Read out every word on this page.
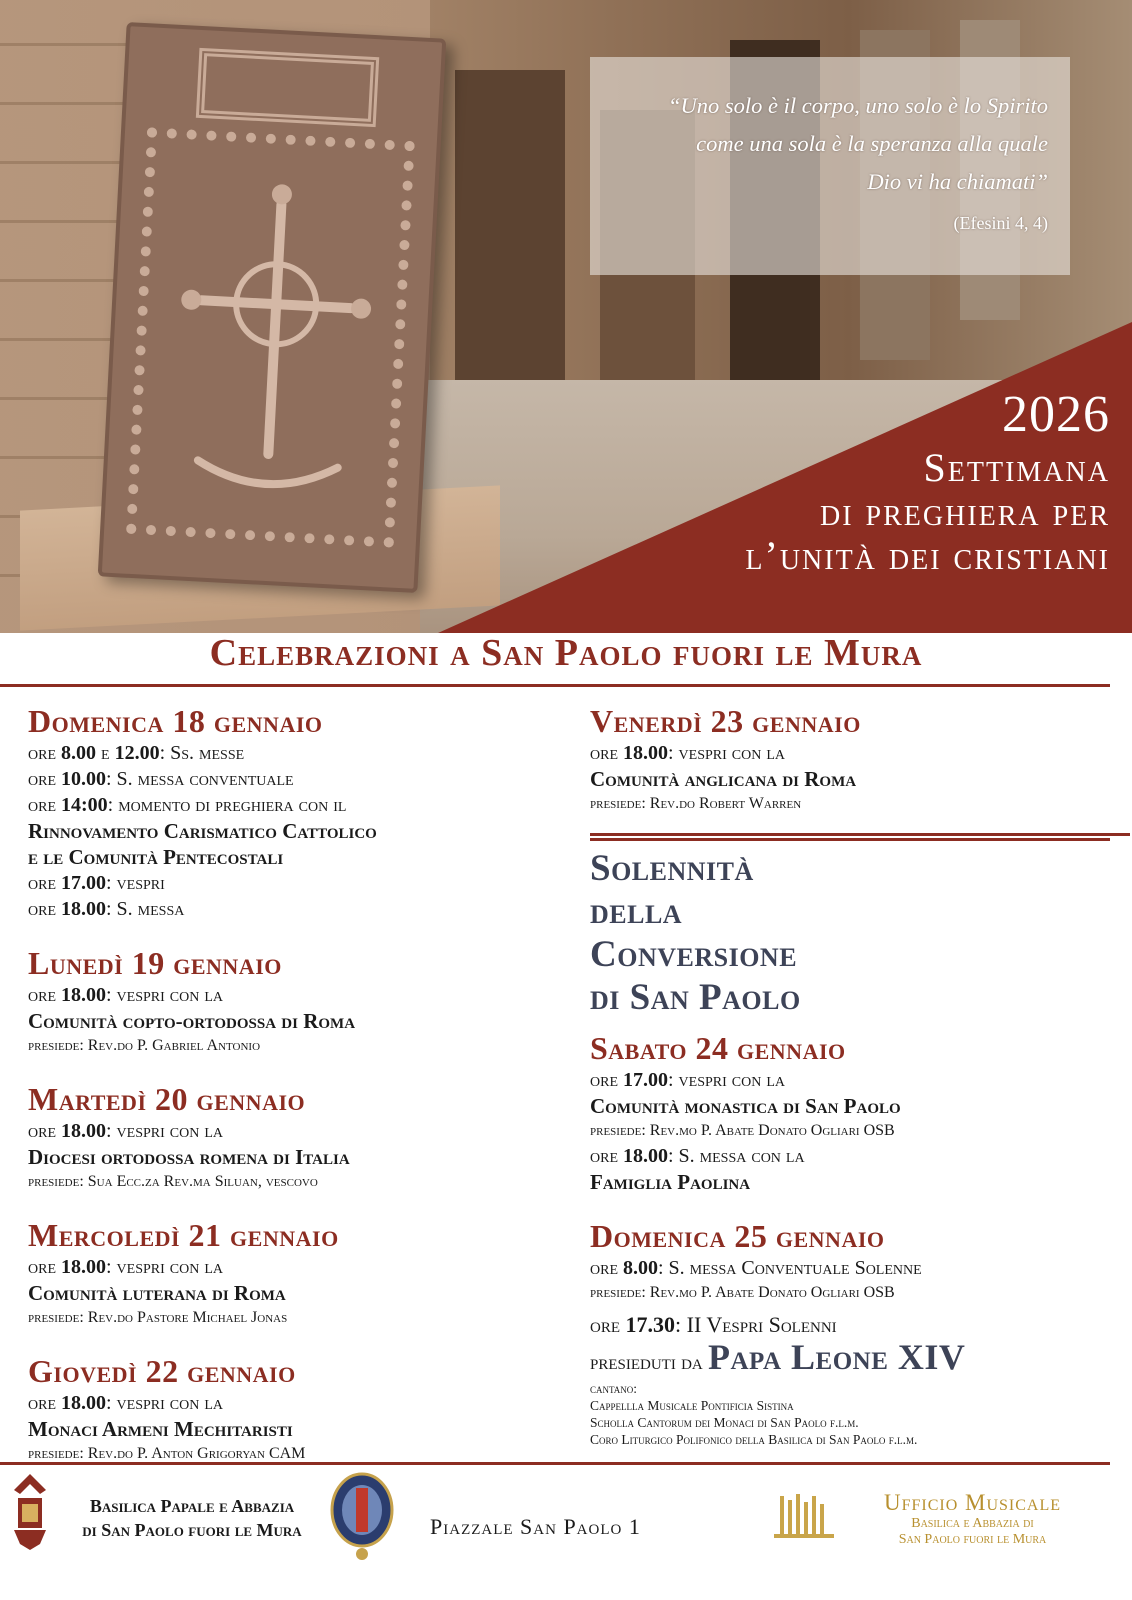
“Uno solo è il corpo, uno solo è lo Spirito
come una sola è la speranza alla quale
Dio vi ha chiamati”
(Efesini 4, 4)
2026
Settimana
di preghiera per
l’unità dei cristiani
Celebrazioni a San Paolo fuori le Mura
Domenica 18 gennaio
ore 8.00 e 12.00: Ss. messe
ore 10.00: S. messa conventuale
ore 14:00: momento di preghiera con il
Rinnovamento Carismatico Cattolico
e le Comunità Pentecostali
ore 17.00: vespri
ore 18.00: S. messa
Lunedì 19 gennaio
ore 18.00: vespri con la
Comunità copto-ortodossa di Roma
presiede: Rev.do P. Gabriel Antonio
Martedì 20 gennaio
ore 18.00: vespri con la
Diocesi ortodossa romena di Italia
presiede: Sua Ecc.za Rev.ma Siluan, vescovo
Mercoledì 21 gennaio
ore 18.00: vespri con la
Comunità luterana di Roma
presiede: Rev.do Pastore Michael Jonas
Giovedì 22 gennaio
ore 18.00: vespri con la
Monaci Armeni Mechitaristi
presiede: Rev.do P. Anton Grigoryan CAM
Venerdì 23 gennaio
ore 18.00: vespri con la
Comunità anglicana di Roma
presiede: Rev.do Robert Warren
Solennità
della
Conversione
di San Paolo
Sabato 24 gennaio
ore 17.00: vespri con la
Comunità monastica di San Paolo
presiede: Rev.mo P. Abate Donato Ogliari OSB
ore 18.00: S. messa con la
Famiglia Paolina
Domenica 25 gennaio
ore 8.00: S. messa Conventuale Solenne
presiede: Rev.mo P. Abate Donato Ogliari OSB
ore 17.30: II Vespri Solenni
presieduti da Papa Leone XIV
cantano:
Cappellla Musicale Pontificia Sistina
Scholla Cantorum dei Monaci di San Paolo f.l.m.
Coro Liturgico Polifonico della Basilica di San Paolo f.l.m.
Basilica Papale e Abbazia
di San Paolo fuori le Mura	Piazzale San Paolo 1
Ufficio Musicale
Basilica e Abbazia di
San Paolo fuori le Mura
